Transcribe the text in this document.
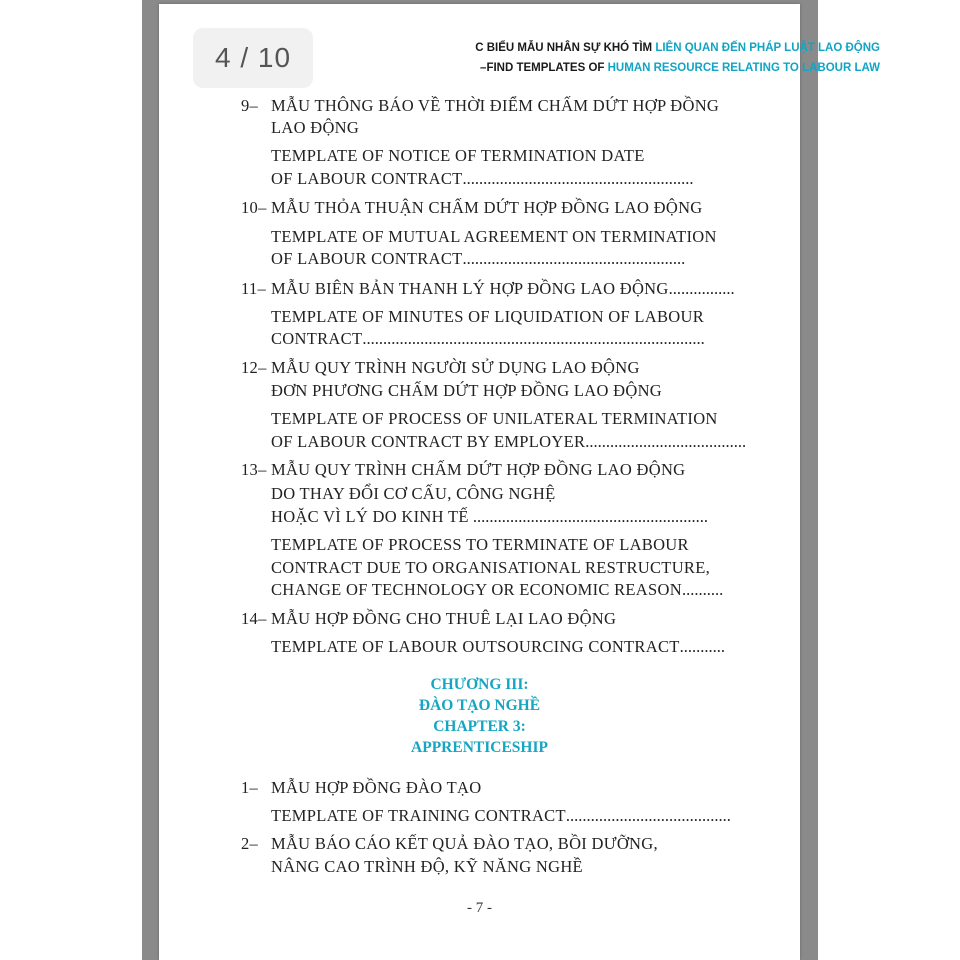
C BIỂU MẪU NHÂN SỰ KHÓ TÌM LIÊN QUAN ĐẾN PHÁP LUẬT LAO ĐỘNG
–FIND TEMPLATES OF HUMAN RESOURCE RELATING TO LABOUR LAW
4 / 10
9– MẪU THÔNG BÁO VỀ THỜI ĐIỂM CHẤM DỨT HỢP ĐỒNG
LAO ĐỘNG
TEMPLATE OF NOTICE OF TERMINATION DATE
OF LABOUR CONTRACT........................................................
10– MẪU THỎA THUẬN CHẤM DỨT HỢP ĐỒNG LAO ĐỘNG
TEMPLATE OF MUTUAL AGREEMENT ON TERMINATION
OF LABOUR CONTRACT......................................................
11– MẪU BIÊN BẢN THANH LÝ HỢP ĐỒNG LAO ĐỘNG................
TEMPLATE OF MINUTES OF LIQUIDATION OF LABOUR
CONTRACT...................................................................................
12– MẪU QUY TRÌNH NGƯỜI SỬ DỤNG LAO ĐỘNG
ĐƠN PHƯƠNG CHẤM DỨT HỢP ĐỒNG LAO ĐỘNG
TEMPLATE OF PROCESS OF UNILATERAL TERMINATION
OF LABOUR CONTRACT BY EMPLOYER.......................................
13– MẪU QUY TRÌNH CHẤM DỨT HỢP ĐỒNG LAO ĐỘNG
DO THAY ĐỔI CƠ CẤU, CÔNG NGHỆ
HOẶC VÌ LÝ DO KINH TẾ .........................................................
TEMPLATE OF PROCESS TO TERMINATE OF LABOUR
CONTRACT DUE TO ORGANISATIONAL RESTRUCTURE,
CHANGE OF TECHNOLOGY OR ECONOMIC REASON..........
14– MẪU HỢP ĐỒNG CHO THUÊ LẠI LAO ĐỘNG
TEMPLATE OF LABOUR OUTSOURCING CONTRACT...........
CHƯƠNG III:
ĐÀO TẠO NGHỀ
CHAPTER 3:
APPRENTICESHIP
1– MẪU HỢP ĐỒNG ĐÀO TẠO
TEMPLATE OF TRAINING CONTRACT........................................
2– MẪU BÁO CÁO KẾT QUẢ ĐÀO TẠO, BỒI DƯỠNG,
NÂNG CAO TRÌNH ĐỘ, KỸ NĂNG NGHỀ
- 7 -
